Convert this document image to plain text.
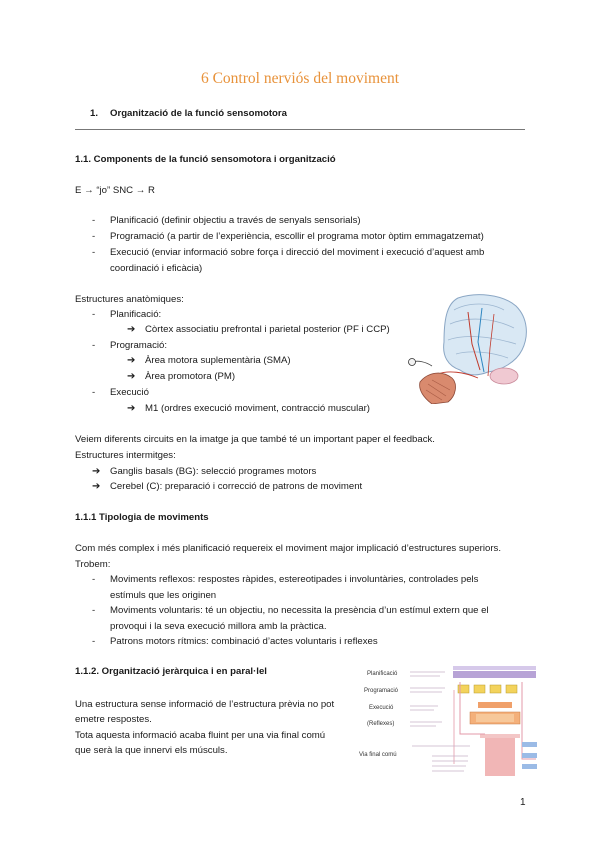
6 Control nerviós del moviment
1. Organització de la funció sensomotora
1.1. Components de la funció sensomotora i organització
E → “jo” SNC → R
-	Planificació (definir objectiu a través de senyals sensorials)
-	Programació (a partir de l’experiència, escollir el programa motor òptim emmagatzemat)
-	Execució (enviar informació sobre força i direcció del moviment i execució d’aquest amb
coordinació i eficàcia)
Estructures anatòmiques:
-	Planificació:
➔	Còrtex associatiu prefrontal i parietal posterior (PF i CCP)
-	Programació:
➔	Àrea motora suplementària (SMA)
➔	Àrea promotora (PM)
-	Execució
➔	M1 (ordres execució moviment, contracció muscular)
Veiem diferents circuits en la imatge ja que també té un important paper el feedback.
Estructures intermitges:
➔	Ganglis basals (BG): selecció programes motors
➔	Cerebel (C): preparació i correcció de patrons de moviment
1.1.1 Tipologia de moviments
Com més complex i més planificació requereix el moviment major implicació d’estructures superiors.
Trobem:
-	Moviments reflexos: respostes ràpides, estereotipades i involuntàries, controlades pels
estímuls que les originen
-	Moviments voluntaris: té un objectiu, no necessita la presència d’un estímul extern que el
provoqui i la seva execució millora amb la pràctica.
-	Patrons motors rítmics: combinació d’actes voluntaris i reflexes
1.1.2. Organització jeràrquica i en paral·lel
Una estructura sense informació de l’estructura prèvia no pot
emetre respostes.
Tota aquesta informació acaba fluint per una via final comú
que serà la que innervi els músculs.
Planificació
Programació
Execució
(Reflexes)
Via final comú
1
